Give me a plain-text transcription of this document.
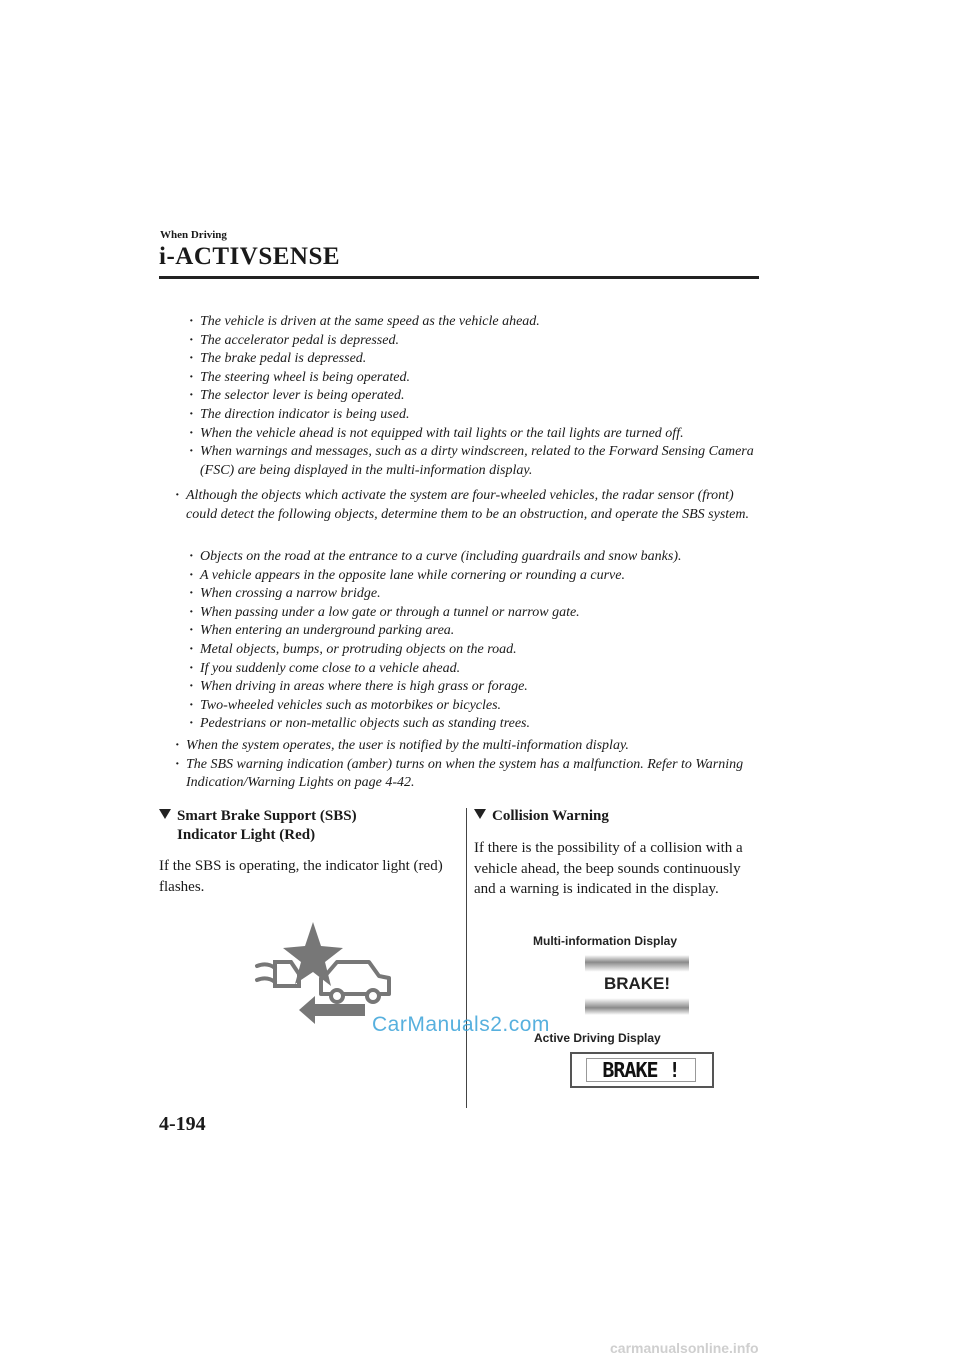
When Driving
i-ACTIVSENSE
· The vehicle is driven at the same speed as the vehicle ahead.
· The accelerator pedal is depressed.
· The brake pedal is depressed.
· The steering wheel is being operated.
· The selector lever is being operated.
· The direction indicator is being used.
· When the vehicle ahead is not equipped with tail lights or the tail lights are turned off.
· When warnings and messages, such as a dirty windscreen, related to the Forward Sensing Camera (FSC) are being displayed in the multi-information display.
· Although the objects which activate the system are four-wheeled vehicles, the radar sensor (front) could detect the following objects, determine them to be an obstruction, and operate the SBS system.
· Objects on the road at the entrance to a curve (including guardrails and snow banks).
· A vehicle appears in the opposite lane while cornering or rounding a curve.
· When crossing a narrow bridge.
· When passing under a low gate or through a tunnel or narrow gate.
· When entering an underground parking area.
· Metal objects, bumps, or protruding objects on the road.
· If you suddenly come close to a vehicle ahead.
· When driving in areas where there is high grass or forage.
· Two-wheeled vehicles such as motorbikes or bicycles.
· Pedestrians or non-metallic objects such as standing trees.
· When the system operates, the user is notified by the multi-information display.
· The SBS warning indication (amber) turns on when the system has a malfunction. Refer to Warning Indication/Warning Lights on page 4-42.
Smart Brake Support (SBS)
Indicator Light (Red)
If the SBS is operating, the indicator light (red) flashes.
Collision Warning
If there is the possibility of a collision with a vehicle ahead, the beep sounds continuously and a warning is indicated in the display.
Multi-information Display
BRAKE!
Active Driving Display
BRAKE !
CarManuals2.com
4-194
carmanualsonline.info
